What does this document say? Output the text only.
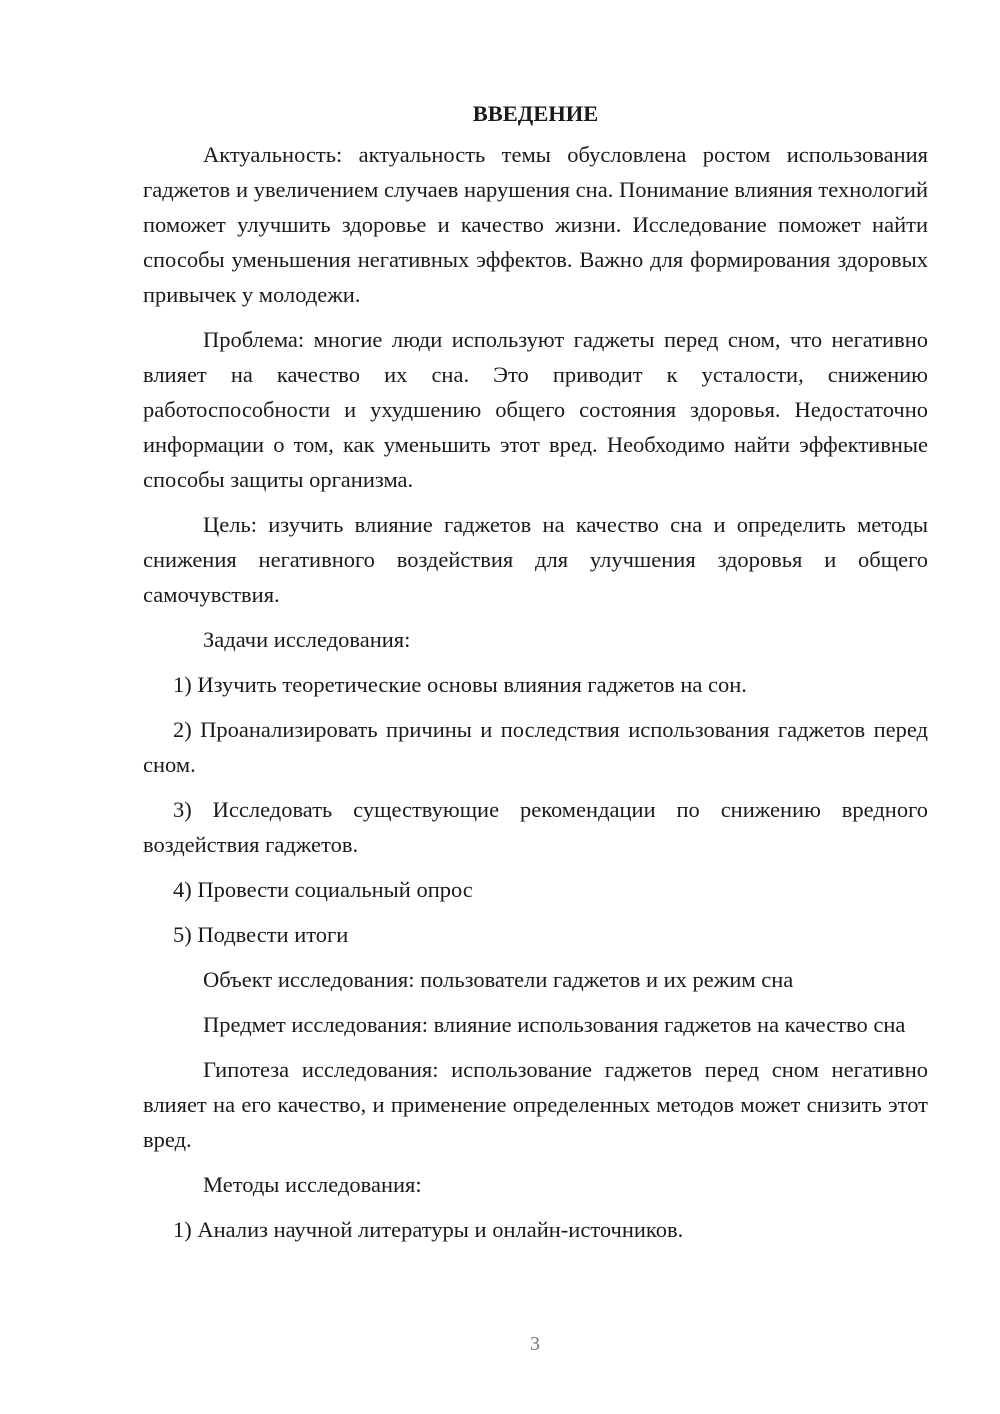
ВВЕДЕНИЕ

Актуальность: актуальность темы обусловлена ростом использования гаджетов и увеличением случаев нарушения сна. Понимание влияния технологий поможет улучшить здоровье и качество жизни. Исследование поможет найти способы уменьшения негативных эффектов. Важно для формирования здоровых привычек у молодежи.

Проблема: многие люди используют гаджеты перед сном, что негативно влияет на качество их сна. Это приводит к усталости, снижению работоспособности и ухудшению общего состояния здоровья. Недостаточно информации о том, как уменьшить этот вред. Необходимо найти эффективные способы защиты организма.

Цель: изучить влияние гаджетов на качество сна и определить методы снижения негативного воздействия для улучшения здоровья и общего самочувствия.

Задачи исследования:

1) Изучить теоретические основы влияния гаджетов на сон.

2) Проанализировать причины и последствия использования гаджетов перед сном.

3) Исследовать существующие рекомендации по снижению вредного воздействия гаджетов.

4) Провести социальный опрос

5) Подвести итоги

Объект исследования: пользователи гаджетов и их режим сна

Предмет исследования: влияние использования гаджетов на качество сна

Гипотеза исследования: использование гаджетов перед сном негативно влияет на его качество, и применение определенных методов может снизить этот вред.

Методы исследования:

1) Анализ научной литературы и онлайн-источников.

3
